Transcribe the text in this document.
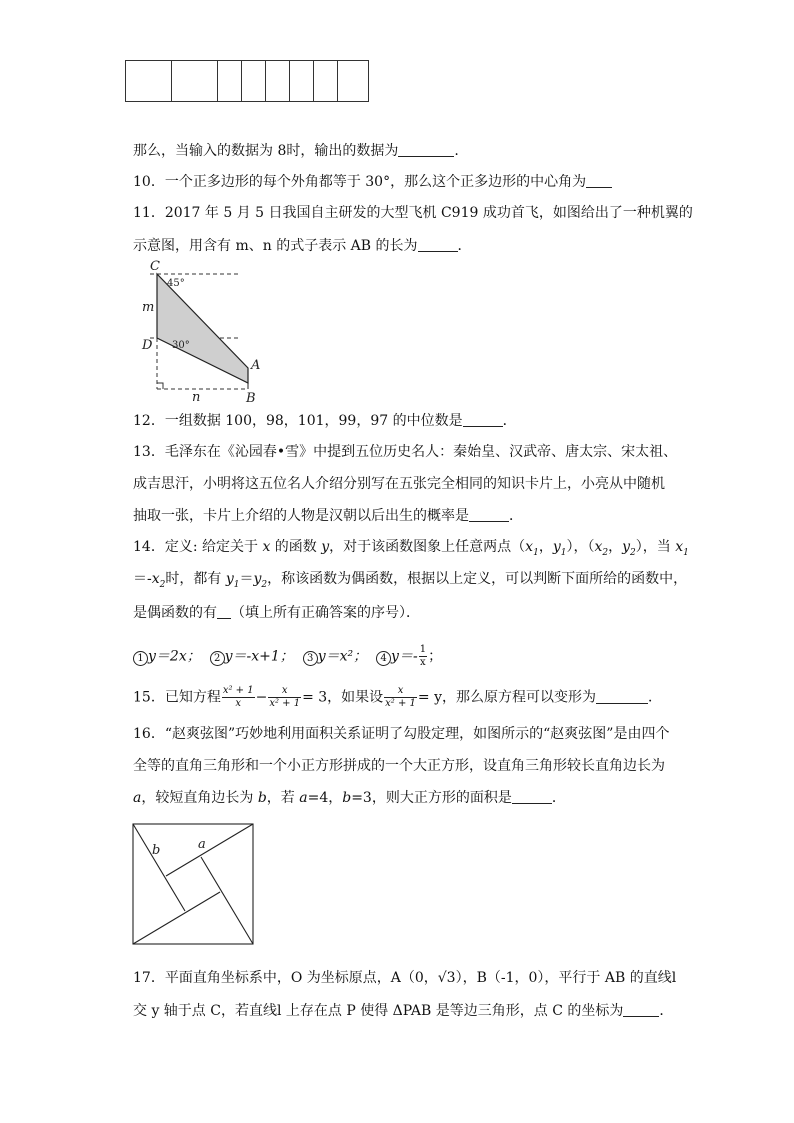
那么，当输入的数据为 8时，输出的数据为	.
10．一个正多边形的每个外角都等于 30°，那么这个正多边形的中心角为
11．2017 年 5 月 5 日我国自主研发的大型飞机 C919 成功首飞，如图给出了一种机翼的
示意图，用含有 m、n 的式子表示 AB 的长为	．
C
D
A
B
m
n
45°
30°
12．一组数据 100，98，101，99，97 的中位数是	．
13．毛泽东在《沁园春•雪》中提到五位历史名人：秦始皇、汉武帝、唐太宗、宋太祖、
成吉思汗，小明将这五位名人介绍分别写在五张完全相同的知识卡片上，小亮从中随机
抽取一张，卡片上介绍的人物是汉朝以后出生的概率是	．
14．定义: 给定关于 x 的函数 y，对于该函数图象上任意两点（$x_1$，$y_1$），（$x_2$，$y_2$），当 $x_1$
$=-x_2$时，都有 $y_1=y_2$，称该函数为偶函数，根据以上定义，可以判断下面所给的函数中，
是偶函数的有 （填上所有正确答案的序号）．
1 y＝2x； 2 y＝-x+1； 3 y＝x²； 4 $y=- \frac{1}{x}$ ；
15．已知方程 $\frac{\text{x² + 1}}{x} - \frac{x}{\text{x² + 1}} = 3$，如果设 $\frac{x}{\text{x² + 1}} = y$，那么原方程可以变形为	．
16．“赵爽弦图”巧妙地利用面积关系证明了勾股定理，如图所示的“赵爽弦图”是由四个
全等的直角三角形和一个小正方形拼成的一个大正方形，设直角三角形较长直角边长为
a，较短直角边长为 b，若 a=4，b=3，则大正方形的面积是	．
b	a
17．平面直角坐标系中，O 为坐标原点，A（0，√3），B（-1，0），平行于 AB 的直线l
交 y 轴于点 C，若直线l 上存在点 P 使得 ΔPAB 是等边三角形，点 C 的坐标为	．
